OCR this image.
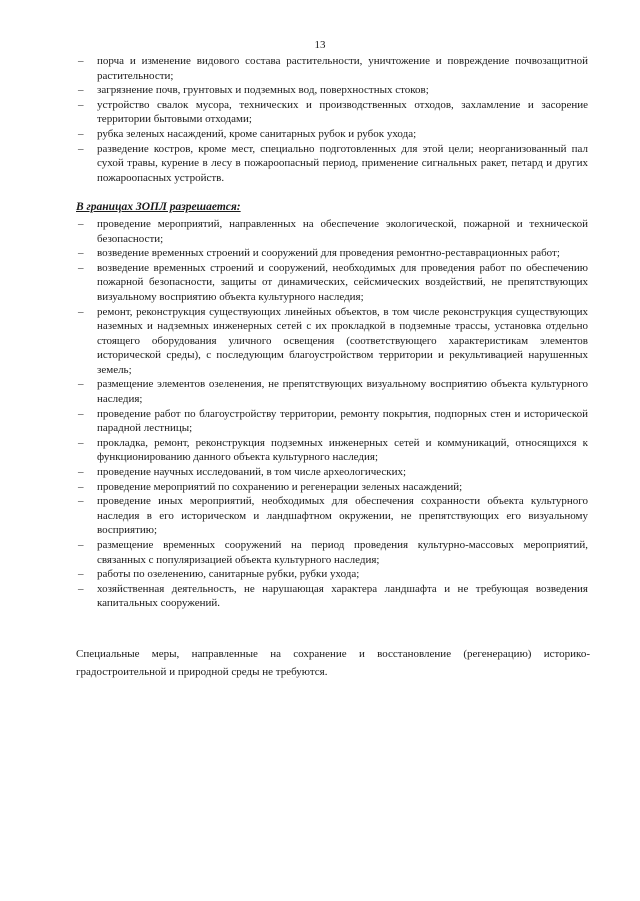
13
– порча и изменение видового состава растительности, уничтожение и повреждение почвозащитной растительности;
– загрязнение почв, грунтовых и подземных вод, поверхностных стоков;
– устройство свалок мусора, технических и производственных отходов, захламление и засорение территории бытовыми отходами;
– рубка зеленых насаждений, кроме санитарных рубок и рубок ухода;
– разведение костров, кроме мест, специально подготовленных для этой цели; неорганизованный пал сухой травы, курение в лесу в пожароопасный период, применение сигнальных ракет, петард и других пожароопасных устройств.
В границах ЗОПЛ разрешается:
– проведение мероприятий, направленных на обеспечение экологической, пожарной и технической безопасности;
– возведение временных строений и сооружений для проведения ремонтно-реставрационных работ;
– возведение временных строений и сооружений, необходимых для проведения работ по обеспечению пожарной безопасности, защиты от динамических, сейсмических воздействий, не препятствующих визуальному восприятию объекта культурного наследия;
– ремонт, реконструкция существующих линейных объектов, в том числе реконструкция существующих наземных и надземных инженерных сетей с их прокладкой в подземные трассы, установка отдельно стоящего оборудования уличного освещения (соответствующего характеристикам элементов исторической среды), с последующим благоустройством территории и рекультивацией нарушенных земель;
– размещение элементов озеленения, не препятствующих визуальному восприятию объекта культурного наследия;
– проведение работ по благоустройству территории, ремонту покрытия, подпорных стен и исторической парадной лестницы;
– прокладка, ремонт, реконструкция подземных инженерных сетей и коммуникаций, относящихся к функционированию данного объекта культурного наследия;
– проведение научных исследований, в том числе археологических;
– проведение мероприятий по сохранению и регенерации зеленых насаждений;
– проведение иных мероприятий, необходимых для обеспечения сохранности объекта культурного наследия в его историческом и ландшафтном окружении, не препятствующих его визуальному восприятию;
– размещение временных сооружений на период проведения культурно-массовых мероприятий, связанных с популяризацией объекта культурного наследия;
– работы по озеленению, санитарные рубки, рубки ухода;
– хозяйственная деятельность, не нарушающая характера ландшафта и не требующая возведения капитальных сооружений.

Специальные меры, направленные на сохранение и восстановление (регенерацию) историко-градостроительной и природной среды не требуются.
